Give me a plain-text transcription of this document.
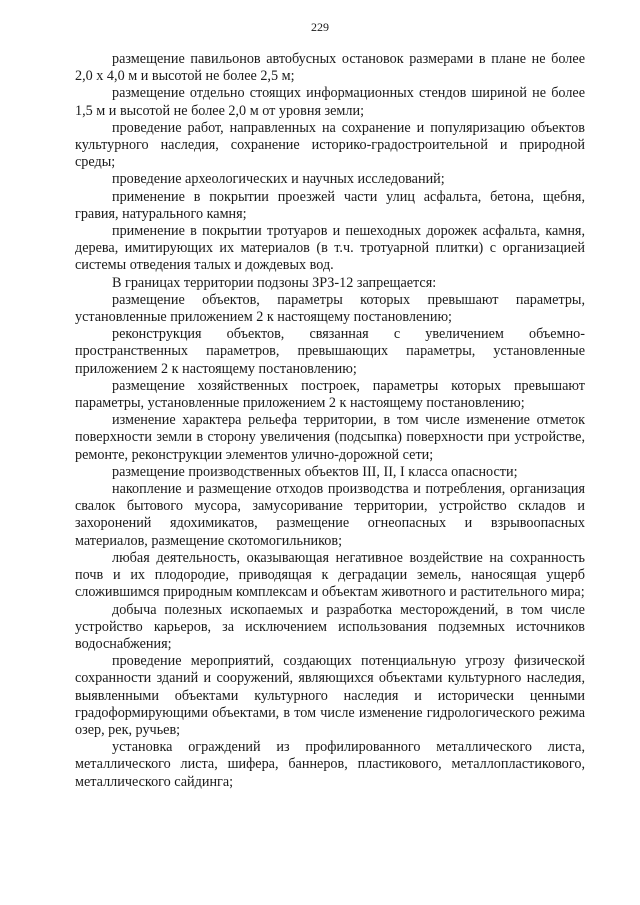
229

размещение павильонов автобусных остановок размерами в плане не более 2,0 х 4,0 м и высотой не более 2,5 м;

размещение отдельно стоящих информационных стендов шириной не более 1,5 м и высотой не более 2,0 м от уровня земли;

проведение работ, направленных на сохранение и популяризацию объектов культурного наследия, сохранение историко-градостроительной и природной среды;

проведение археологических и научных исследований;

применение в покрытии проезжей части улиц асфальта, бетона, щебня, гравия, натурального камня;

применение в покрытии тротуаров и пешеходных дорожек асфальта, камня, дерева, имитирующих их материалов (в т.ч. тротуарной плитки) с организацией системы отведения талых и дождевых вод.

В границах территории подзоны ЗРЗ-12 запрещается:

размещение объектов, параметры которых превышают параметры, установленные приложением 2 к настоящему постановлению;

реконструкция объектов, связанная с увеличением объемно-пространственных параметров, превышающих параметры, установленные приложением 2 к настоящему постановлению;

размещение хозяйственных построек, параметры которых превышают параметры, установленные приложением 2 к настоящему постановлению;

изменение характера рельефа территории, в том числе изменение отметок поверхности земли в сторону увеличения (подсыпка) поверхности при устройстве, ремонте, реконструкции элементов улично-дорожной сети;

размещение производственных объектов III, II, I класса опасности;

накопление и размещение отходов производства и потребления, организация свалок бытового мусора, замусоривание территории, устройство складов и захоронений ядохимикатов, размещение огнеопасных и взрывоопасных материалов, размещение скотомогильников;

любая деятельность, оказывающая негативное воздействие на сохранность почв и их плодородие, приводящая к деградации земель, наносящая ущерб сложившимся природным комплексам и объектам животного и растительного мира;

добыча полезных ископаемых и разработка месторождений, в том числе устройство карьеров, за исключением использования подземных источников водоснабжения;

проведение мероприятий, создающих потенциальную угрозу физической сохранности зданий и сооружений, являющихся объектами культурного наследия, выявленными объектами культурного наследия и исторически ценными градоформирующими объектами, в том числе изменение гидрологического режима озер, рек, ручьев;

установка ограждений из профилированного металлического листа, металлического листа, шифера, баннеров, пластикового, металлопластикового, металлического сайдинга;
